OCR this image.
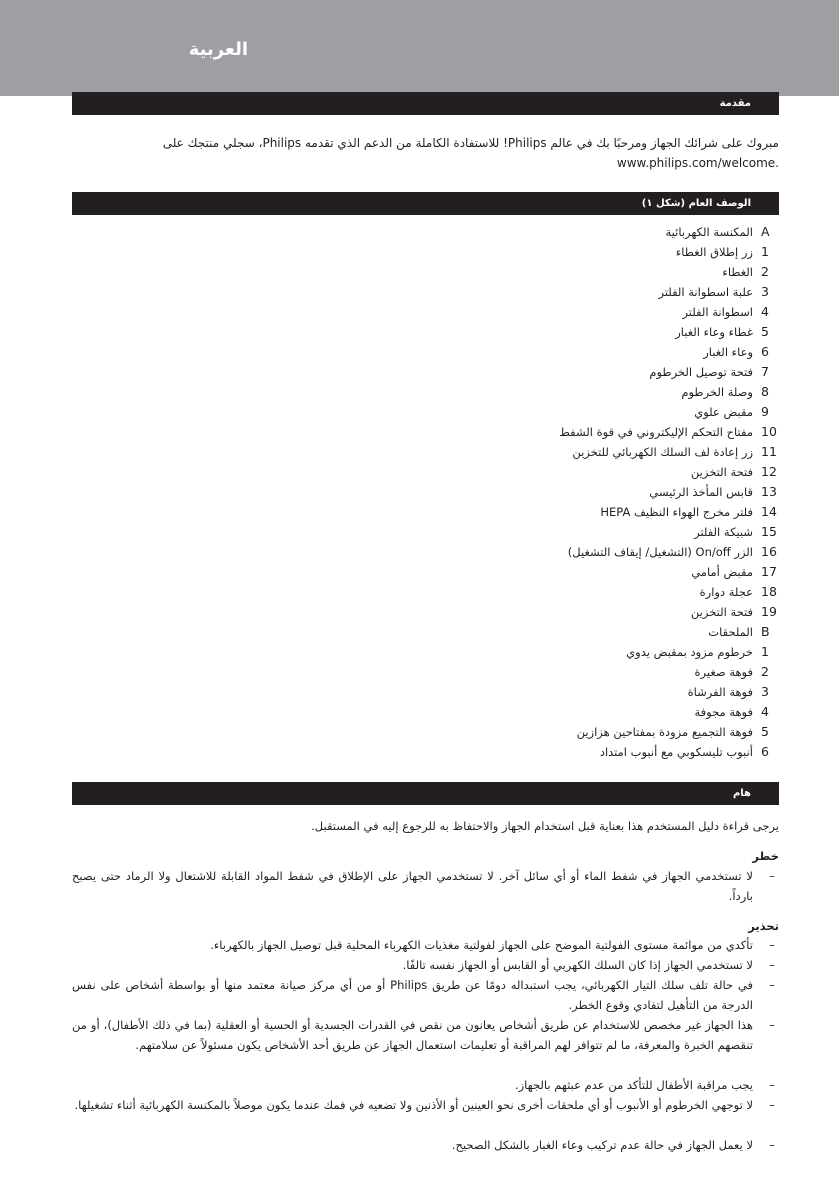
العربية
مقدمة
مبروك على شرائك الجهاز ومرحبًا بك في عالم Philips! للاستفادة الكاملة من الدعم الذي تقدمه Philips، سجلي منتجك على www.philips.com/welcome.
الوصف العام (شكل ١)
A
المكنسة الكهربائية
1
زر إطلاق الغطاء
2
الغطاء
3
علبة اسطوانة الفلتر
4
اسطوانة الفلتر
5
غطاء وعاء الغبار
6
وعاء الغبار
7
فتحة توصيل الخرطوم
8
وصلة الخرطوم
9
مقبض علوي
10
مفتاح التحكم الإليكتروني في قوة الشفط
11
زر إعادة لف السلك الكهربائي للتخزين
12
فتحة التخزين
13
قابس المأخذ الرئيسي
14
فلتر مخرج الهواء النظيف HEPA
15
شبيكة الفلتر
16
الزر On/off (التشغيل/ إيقاف التشغيل)
17
مقبض أمامي
18
عجلة دوارة
19
فتحة التخزين
B
الملحقات
1
خرطوم مزود بمقبض يدوي
2
فوهة صغيرة
3
فوهة الفرشاة
4
فوهة مجوفة
5
فوهة التجميع مزودة بمفتاحين هزازين
6
أنبوب تليسكوبي مع أنبوب امتداد
هام
يرجى قراءة دليل المستخدم هذا بعناية قبل استخدام الجهاز والاحتفاظ به للرجوع إليه في المستقبل.
خطر
–
لا تستخدمي الجهاز في شفط الماء أو أي سائل آخر. لا تستخدمي الجهاز على الإطلاق في شفط المواد القابلة للاشتعال ولا الرماد حتى يصبح بارداً.
تحذير
–
تأكدي من موائمة مستوى الفولتية الموضح على الجهاز لفولتية مغذيات الكهرباء المحلية قبل توصيل الجهاز بالكهرباء.
–
لا تستخدمي الجهاز إذا كان السلك الكهربي أو القابس أو الجهاز نفسه تالفًا.
–
في حالة تلف سلك التيار الكهربائي، يجب استبداله دومًا عن طريق Philips أو من أي مركز صيانة معتمد منها أو بواسطة أشخاص على نفس الدرجة من التأهيل لتفادي وقوع الخطر.
–
هذا الجهاز غير مخصص للاستخدام عن طريق أشخاص يعانون من نقص في القدرات الجسدية أو الحسية أو العقلية (بما في ذلك الأطفال)، أو من تنقصهم الخبرة والمعرفة، ما لم تتوافر لهم المراقبة أو تعليمات استعمال الجهاز عن طريق أحد الأشخاص يكون مسئولاً عن سلامتهم.
–
يجب مراقبة الأطفال للتأكد من عدم عبثهم بالجهاز.
–
لا توجهي الخرطوم أو الأنبوب أو أي ملحقات أخرى نحو العينين أو الأذنين ولا تضعيه في فمك عندما يكون موصلاً بالمكنسة الكهربائية أثناء تشغيلها.
–
لا يعمل الجهاز في حالة عدم تركيب وعاء الغبار بالشكل الصحيح.
